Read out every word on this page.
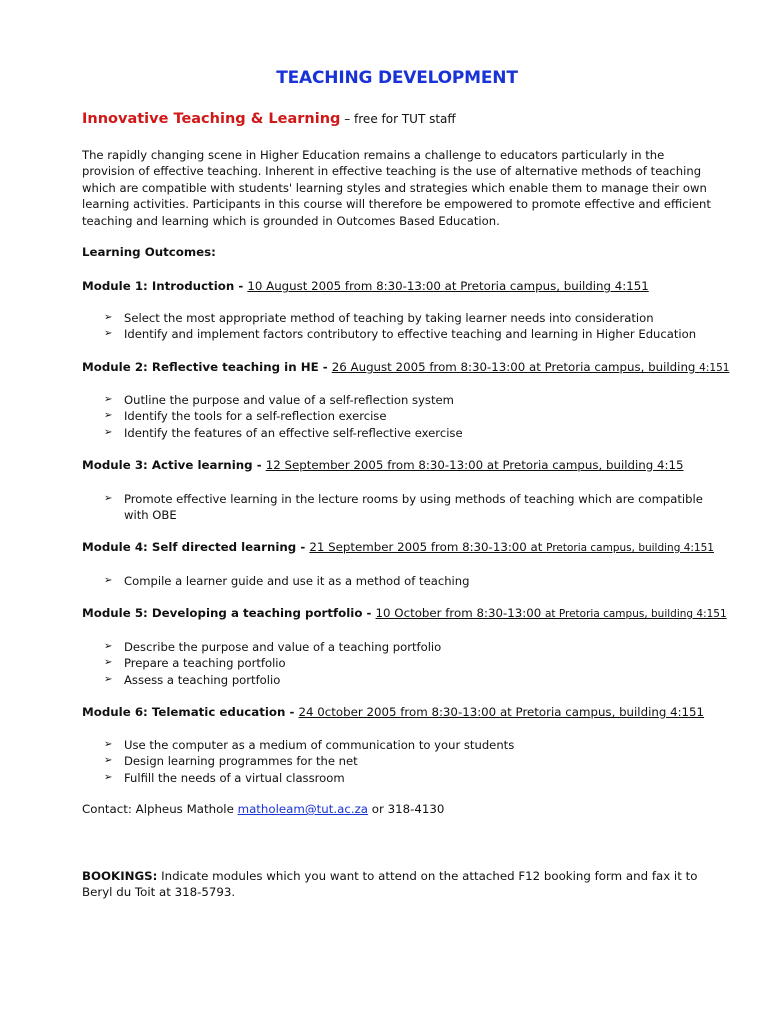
TEACHING DEVELOPMENT
Innovative Teaching & Learning – free for TUT staff
The rapidly changing scene in Higher Education remains a challenge to educators particularly in the provision of effective teaching. Inherent in effective teaching is the use of alternative methods of teaching which are compatible with students' learning styles and strategies which enable them to manage their own learning activities. Participants in this course will therefore be empowered to promote effective and efficient teaching and learning which is grounded in Outcomes Based Education.
Learning Outcomes:
Module 1: Introduction - 10 August 2005 from 8:30-13:00 at Pretoria campus, building 4:151
➢ Select the most appropriate method of teaching by taking learner needs into consideration
➢ Identify and implement factors contributory to effective teaching and learning in Higher Education
Module 2: Reflective teaching in HE - 26 August 2005 from 8:30-13:00 at Pretoria campus, building 4:151
➢ Outline the purpose and value of a self-reflection system
➢ Identify the tools for a self-reflection exercise
➢ Identify the features of an effective self-reflective exercise
Module 3: Active learning - 12 September 2005 from 8:30-13:00 at Pretoria campus, building 4:15
➢ Promote effective learning in the lecture rooms by using methods of teaching which are compatible with OBE
Module 4: Self directed learning - 21 September 2005 from 8:30-13:00 at Pretoria campus, building 4:151
➢ Compile a learner guide and use it as a method of teaching
Module 5: Developing a teaching portfolio - 10 October from 8:30-13:00 at Pretoria campus, building 4:151
➢ Describe the purpose and value of a teaching portfolio
➢ Prepare a teaching portfolio
➢ Assess a teaching portfolio
Module 6: Telematic education - 24 0ctober 2005 from 8:30-13:00 at Pretoria campus, building 4:151
➢ Use the computer as a medium of communication to your students
➢ Design learning programmes for the net
➢ Fulfill the needs of a virtual classroom
Contact: Alpheus Mathole matholeam@tut.ac.za or 318-4130
BOOKINGS: Indicate modules which you want to attend on the attached F12 booking form and fax it to Beryl du Toit at 318-5793.
